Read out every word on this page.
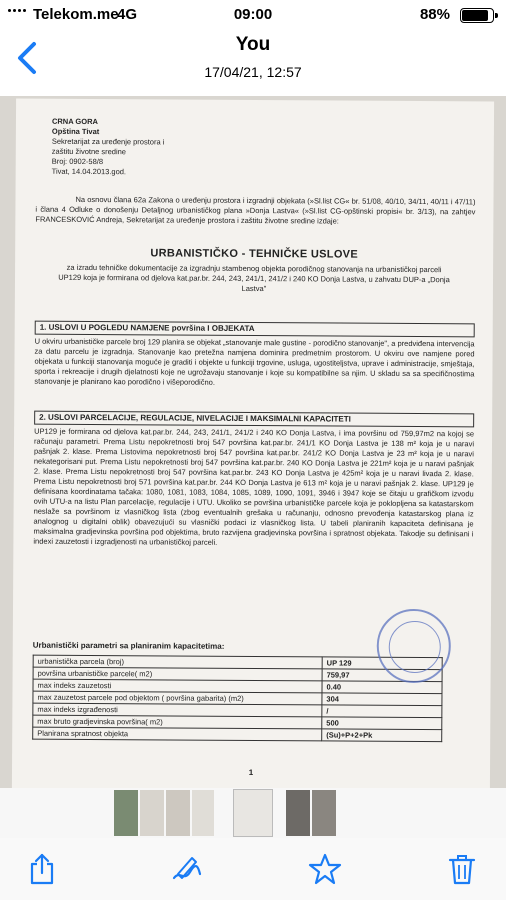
Telekom.me
4G	09:00	88%
You
17/04/21, 12:57
CRNA GORA
Opština Tivat
Sekretarijat za uređenje prostora i
zaštitu životne sredine
Broj: 0902-58/8
Tivat, 14.04.2013.god.
Na osnovu člana 62a Zakona o uređenju prostora i izgradnji objekata (»Sl.list CG« br. 51/08, 40/10, 34/11, 40/11 i 47/11) i člana 4 Odluke o donošenju Detaljnog urbanističkog plana »Donja Lastva« (»Sl.list CG-opštinski propisi« br. 3/13), na zahtjev FRANCESKOVIĆ Andreja, Sekretarijat za uređenje prostora i zaštitu životne sredine izdaje:
URBANISTIČKO - TEHNIČKE USLOVE
za izradu tehničke dokumentacije za izgradnju stambenog objekta porodičnog stanovanja na urbanističkoj parceli UP129 koja je formirana od djelova kat.par.br. 244, 243, 241/1, 241/2 i 240 KO Donja Lastva, u zahvatu DUP-a „Donja Lastva"
1. USLOVI U POGLEDU NAMJENE površina I OBJEKATA
U okviru urbanističke parcele broj 129 planira se objekat „stanovanje male gustine - porodično stanovanje", a predviđena intervencija za datu parcelu je izgradnja. Stanovanje kao pretežna namjena dominira predmetnim prostorom. U okviru ove namjene pored objekata u funkciji stanovanja moguće je graditi i objekte u funkciji trgovine, usluga, ugostiteljstva, uprave i administracije, smještaja, sporta i rekreacije i drugih djelatnosti koje ne ugrožavaju stanovanje i koje su kompatibilne sa njim. U skladu sa sa specifičnostima stanovanje je planirano kao porodično i višeporodično.
2. USLOVI PARCELACIJE, REGULACIJE, NIVELACIJE I MAKSIMALNI KAPACITETI
UP129 je formirana od djelova kat.par.br. 244, 243, 241/1, 241/2 i 240 KO Donja Lastva, i ima površinu od 759,97m2 na kojoj se računaju parametri. Prema Listu nepokretnosti broj 547 površina kat.par.br. 241/1 KO Donja Lastva je 138 m² koja je u naravi pašnjak 2. klase. Prema Listovima nepokretnosti broj 547 površina kat.par.br. 241/2 KO Donja Lastva je 23 m² koja je u naravi nekategorisani put. Prema Listu nepokretnosti broj 547 površina kat.par.br. 240 KO Donja Lastva je 221m² koja je u naravi pašnjak 2. klase. Prema Listu nepokretnosti broj 547 površina kat.par.br. 243 KO Donja Lastva je 425m² koja je u naravi livada 2. klase. Prema Listu nepokretnosti broj 571 površina kat.par.br. 244 KO Donja Lastva je 613 m² koja je u naravi pašnjak 2. klase. UP129 je definisana koordinatama tačaka: 1080, 1081, 1083, 1084, 1085, 1089, 1090, 1091, 3946 i 3947 koje se čitaju u grafičkom izvodu ovih UTU-a na listu Plan parcelacije, regulacije i UTU. Ukoliko se površina urbanističke parcele koja je poklopljena sa katastarskom neslaže sa površinom iz vlasničkog lista (zbog eventualnih grešaka u računanju, odnosno prevođenja katastarskog plana iz analognog u digitalni oblik) obavezujući su vlasnički podaci iz vlasničkog lista. U tabeli planiranih kapaciteta definisana je maksimalna gradjevinska površina pod objektima, bruto razvijena gradjevinska površina i spratnost objekata. Takodje su definisani i indexi zauzetosti i izgradjenosti na urbanističkoj parceli.
Urbanistički parametri sa planiranim kapacitetima:
urbanistička parcela (broj)	UP 129
površina urbanističke parcele( m2)	759,97
max indeks zauzetosti	0.40
max zauzetost parcele pod objektom ( površina gabarita) (m2)	304
max indeks izgrađenosti	/
max bruto gradjevinska površina( m2)	500
Planirana spratnost objekta	(Su)+P+2+Pk
1
